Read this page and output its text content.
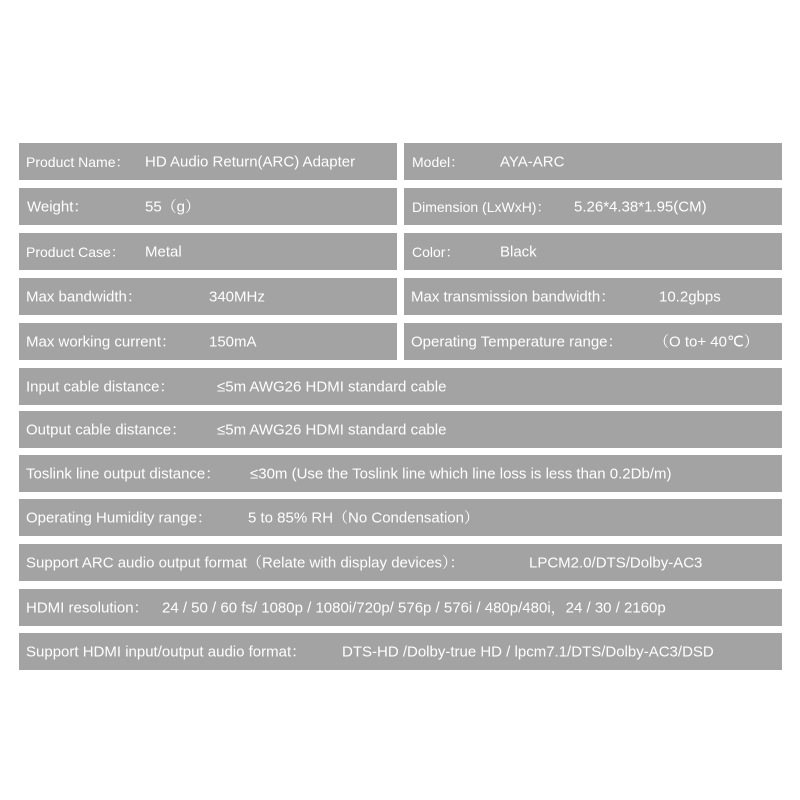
Product Name： HD Audio Return(ARC) Adapter	Model： AYA-ARC
Weight：	55（g）	Dimension (LxWxH)： 5.26*4.38*1.95(CM)
Product Case： Metal	Color：	Black
Max bandwidth：	340MHz	Max transmission bandwidth：	10.2gbps
Max working current： 150mA	Operating Temperature range： （O to+ 40℃）
Input cable distance：	≤5m AWG26 HDMI standard cable
Output cable distance： ≤5m AWG26 HDMI standard cable
Toslink line output distance： ≤30m (Use the Toslink line which line loss is less than 0.2Db/m)
Operating Humidity range： 5 to 85% RH（No Condensation）
Support ARC audio output format（Relate with display devices）：	LPCM2.0/DTS/Dolby-AC3
HDMI resolution： 24 / 50 / 60 fs/ 1080p / 1080i/720p/ 576p / 576i / 480p/480i，24 / 30 / 2160p
Support HDMI input/output audio format： DTS-HD /Dolby-true HD / lpcm7.1/DTS/Dolby-AC3/DSD
